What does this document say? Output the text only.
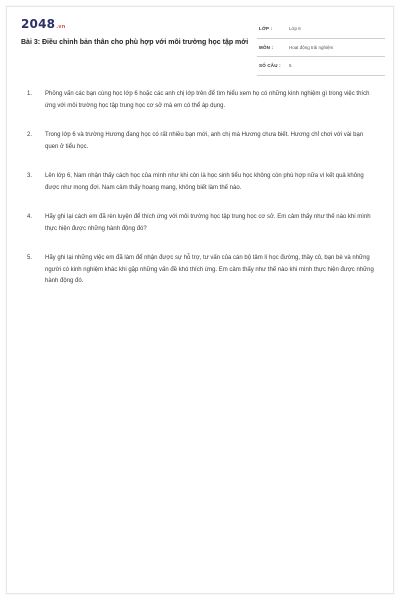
2048.vn
Bài 3: Điều chỉnh bản thân cho phù hợp với môi trường học tập mới
LỚP :	Lớp 6
MÔN :	Hoạt động trải nghiệm
SỐ CÂU : 5
1.	Phỏng vấn các bạn cùng học lớp 6 hoặc các anh chị lớp trên để tìm hiểu xem họ có những kinh nghiệm gì trong việc thích ứng với môi trường học tập trung học cơ sở mà em có thể áp dụng.
2.	Trong lớp 6 và trường Hương đang học có rất nhiều bạn mới, anh chị mà Hương chưa biết. Hương chỉ chơi với vài bạn quen ở tiểu học.
3.	Lên lớp 6, Nam nhận thấy cách học của mình như khi còn là học sinh tiểu học không còn phù hợp nữa vì kết quả không được như mong đợi. Nam cảm thấy hoang mang, không biết làm thế nào.
4.	Hãy ghi lại cách em đã rèn luyện để thích ứng với môi trường học tập trung học cơ sở. Em cảm thấy như thế nào khi mình thực hiện được những hành động đó?
5.	Hãy ghi lại những việc em đã làm để nhận được sự hỗ trợ, tư vấn của cán bộ tâm lí học đường, thầy cô, bạn bè và những người có kinh nghiệm khác khi gặp những vấn đề khó thích ứng. Em cảm thấy như thế nào khi mình thực hiện được những hành động đó.
